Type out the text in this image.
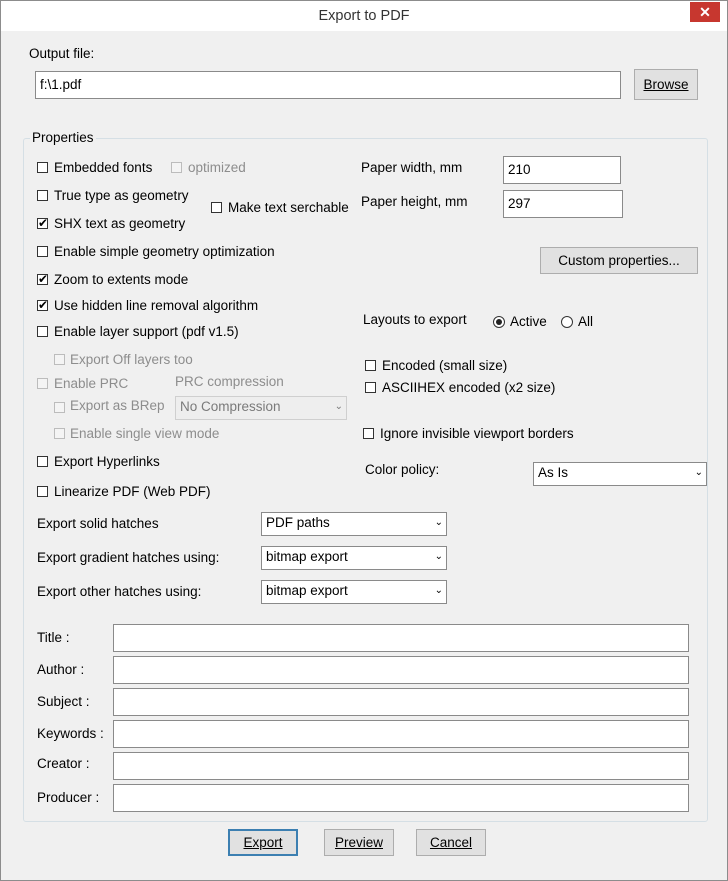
Export to PDF	✕
Output file:
f:\1.pdf	Browse
Properties
Embedded fonts	optimized
True type as geometry
Make text serchable
✔ SHX text as geometry
Enable simple geometry optimization
✔ Zoom to extents mode
✔ Use hidden line removal algorithm
Enable layer support (pdf v1.5)
Export Off layers too
Enable PRC	PRC compression
Export as BRep	No Compression	⌄
Enable single view mode
Export Hyperlinks
Linearize PDF (Web PDF)
Paper width, mm	210
Paper height, mm	297
Custom properties...
Layouts to export	Active All
Encoded (small size)
ASCIIHEX encoded (x2 size)
Ignore invisible viewport borders
Color policy:	As Is	⌄
Export solid hatches	PDF paths	⌄
Export gradient hatches using:	bitmap export	⌄
Export other hatches using:	bitmap export	⌄
Title :
Author :
Subject :
Keywords :
Creator :
Producer :
Export	Preview	Cancel
